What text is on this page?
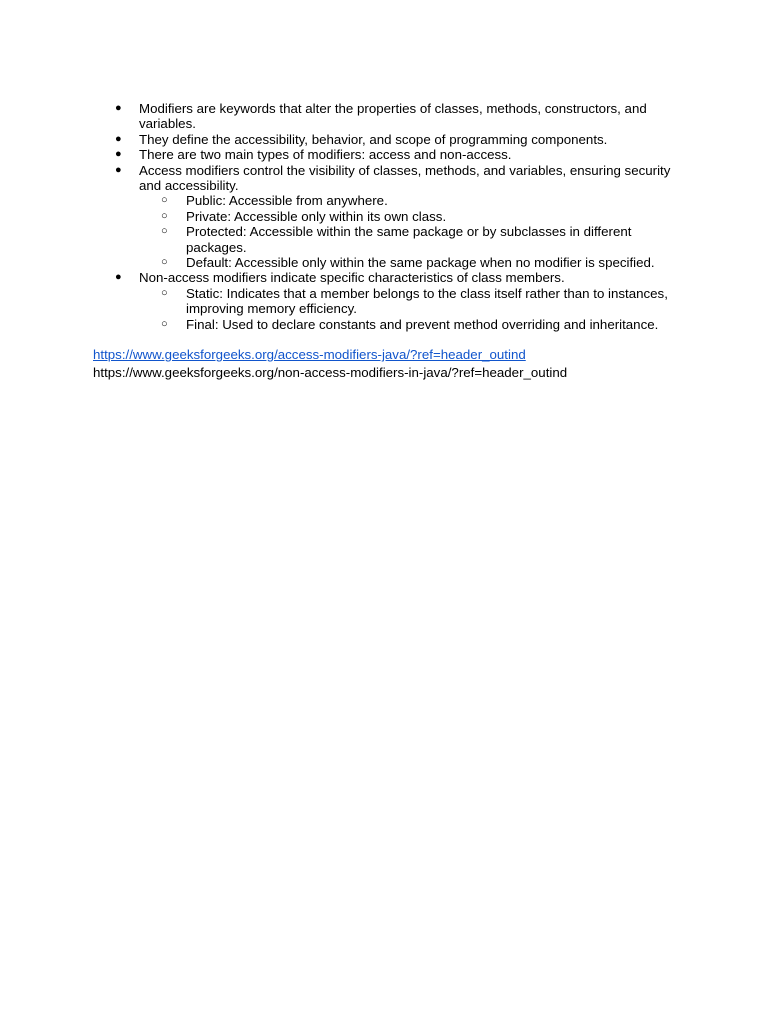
● Modifiers are keywords that alter the properties of classes, methods, constructors, and variables.
● They define the accessibility, behavior, and scope of programming components.
● There are two main types of modifiers: access and non-access.
● Access modifiers control the visibility of classes, methods, and variables, ensuring security and accessibility.
○ Public: Accessible from anywhere.
○ Private: Accessible only within its own class.
○ Protected: Accessible within the same package or by subclasses in different packages.
○ Default: Accessible only within the same package when no modifier is specified.
● Non-access modifiers indicate specific characteristics of class members.
○ Static: Indicates that a member belongs to the class itself rather than to instances, improving memory efficiency.
○ Final: Used to declare constants and prevent method overriding and inheritance.
https://www.geeksforgeeks.org/access-modifiers-java/?ref=header_outind
https://www.geeksforgeeks.org/non-access-modifiers-in-java/?ref=header_outind
